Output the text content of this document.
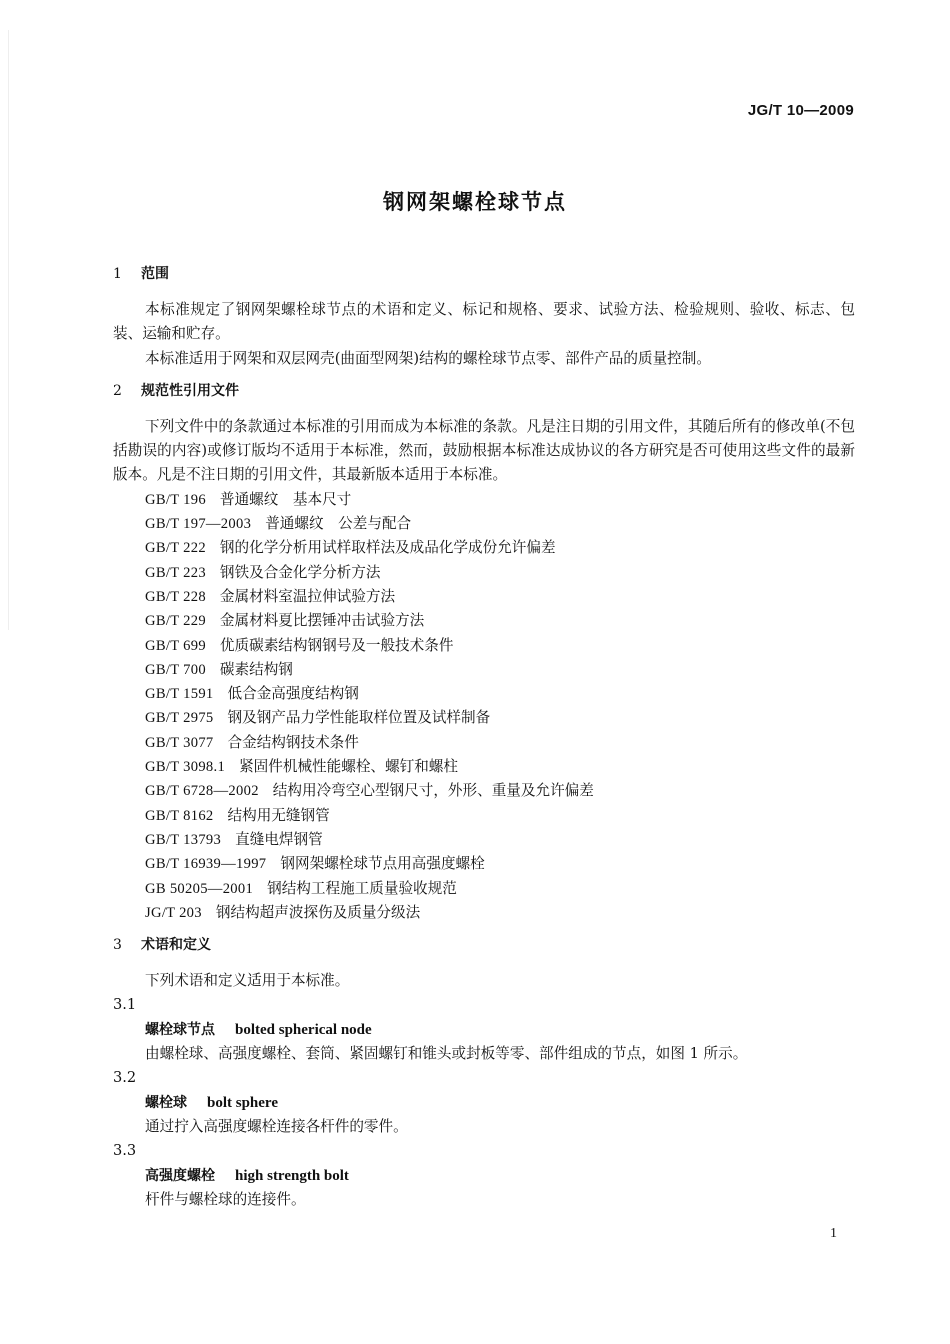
JG/T 10—2009
钢网架螺栓球节点
1 范围

本标准规定了钢网架螺栓球节点的术语和定义、标记和规格、要求、试验方法、检验规则、验收、标志、包装、运输和贮存。

本标准适用于网架和双层网壳(曲面型网架)结构的螺栓球节点零、部件产品的质量控制。

2 规范性引用文件

下列文件中的条款通过本标准的引用而成为本标准的条款。凡是注日期的引用文件，其随后所有的修改单(不包括勘误的内容)或修订版均不适用于本标准，然而，鼓励根据本标准达成协议的各方研究是否可使用这些文件的最新版本。凡是不注日期的引用文件，其最新版本适用于本标准。

GB/T 196 普通螺纹　基本尺寸
GB/T 197—2003 普通螺纹　公差与配合
GB/T 222 钢的化学分析用试样取样法及成品化学成份允许偏差
GB/T 223 钢铁及合金化学分析方法
GB/T 228 金属材料室温拉伸试验方法
GB/T 229 金属材料夏比摆锤冲击试验方法
GB/T 699 优质碳素结构钢钢号及一般技术条件
GB/T 700 碳素结构钢
GB/T 1591 低合金高强度结构钢
GB/T 2975 钢及钢产品力学性能取样位置及试样制备
GB/T 3077 合金结构钢技术条件
GB/T 3098.1 紧固件机械性能螺栓、螺钉和螺柱
GB/T 6728—2002 结构用冷弯空心型钢尺寸，外形、重量及允许偏差
GB/T 8162 结构用无缝钢管
GB/T 13793 直缝电焊钢管
GB/T 16939—1997 钢网架螺栓球节点用高强度螺栓
GB 50205—2001 钢结构工程施工质量验收规范
JG/T 203 钢结构超声波探伤及质量分级法
3 术语和定义

下列术语和定义适用于本标准。

3.1

螺栓球节点 bolted spherical node

由螺栓球、高强度螺栓、套筒、紧固螺钉和锥头或封板等零、部件组成的节点，如图 1 所示。

3.2

螺栓球 bolt sphere

通过拧入高强度螺栓连接各杆件的零件。

3.3

高强度螺栓 high strength bolt

杆件与螺栓球的连接件。

1
